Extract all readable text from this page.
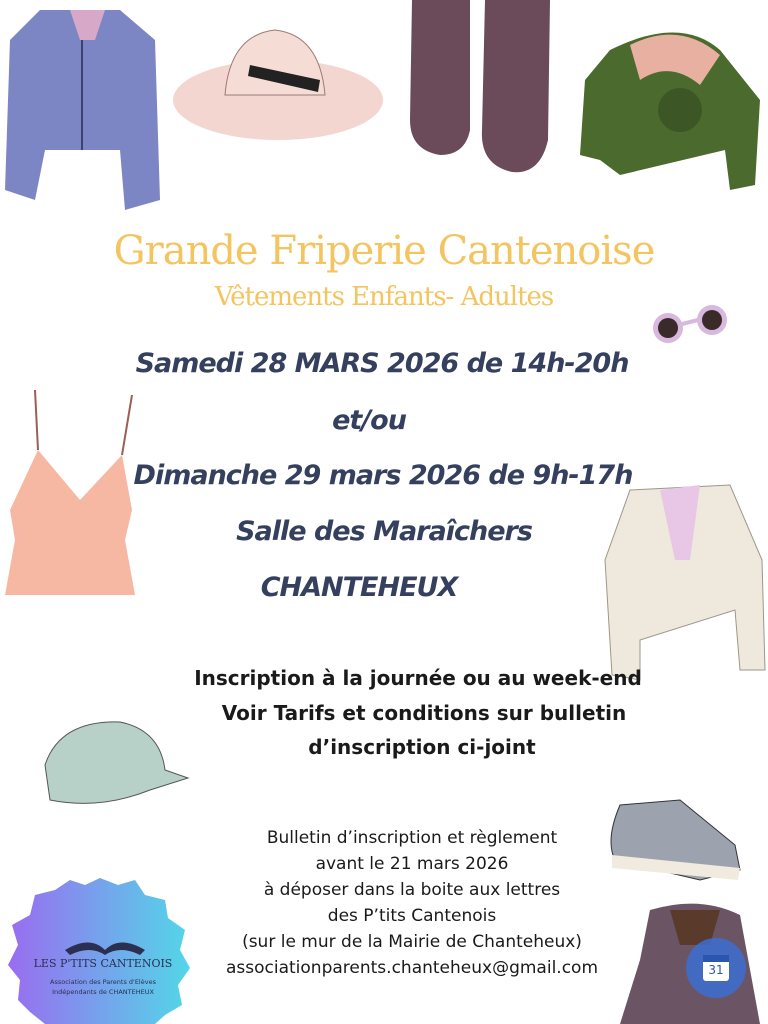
31
LES P'TITS CANTENOIS
Association des Parents d'Elèves
Indépendants de CHANTEHEUX
Grande Friperie Cantenoise
Vêtements Enfants- Adultes
Samedi 28 MARS 2026 de 14h-20h
et/ou
Dimanche 29 mars 2026 de 9h-17h
Salle des Maraîchers
CHANTEHEUX
Inscription à la journée ou au week-end
Voir Tarifs et conditions sur bulletin
d’inscription ci-joint
Bulletin d’inscription et règlement
avant le 21 mars 2026
à déposer dans la boite aux lettres
des P’tits Cantenois
(sur le mur de la Mairie de Chanteheux)
associationparents.chanteheux@gmail.com
